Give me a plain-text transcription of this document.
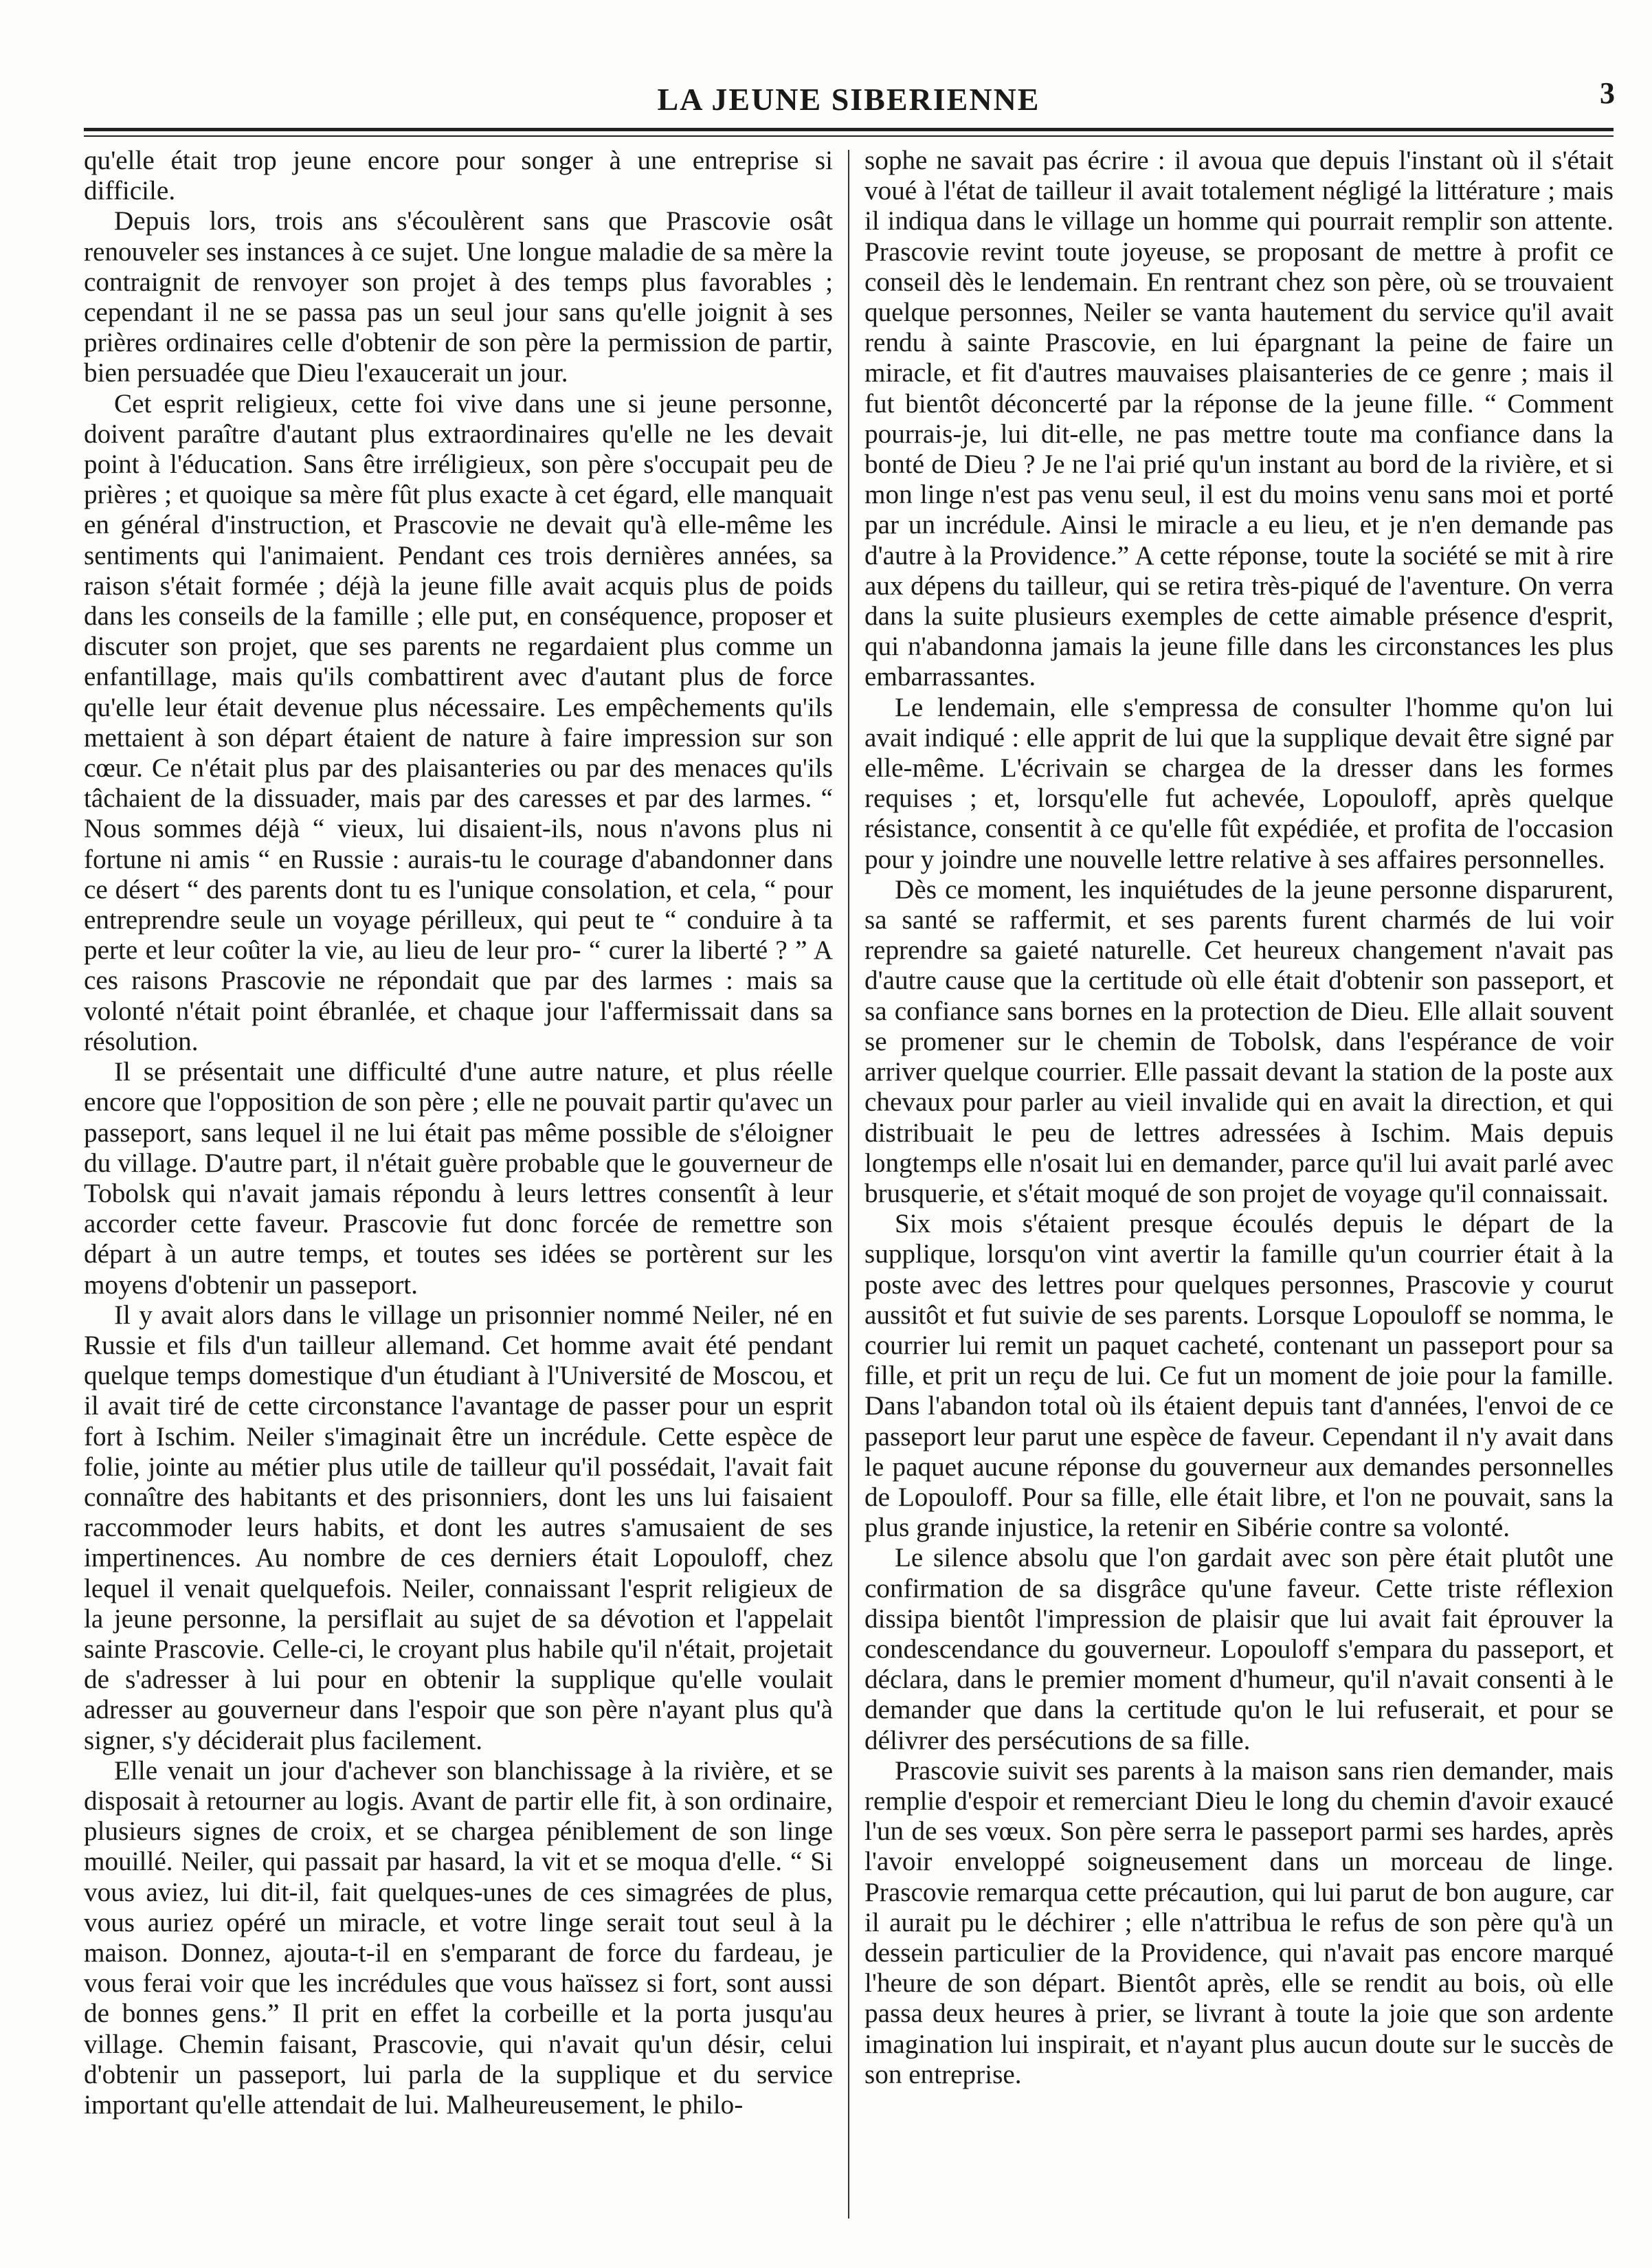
LA JEUNE SIBERIENNE	3

qu'elle était trop jeune encore pour songer à une entreprise si difficile.

Depuis lors, trois ans s'écoulèrent sans que Prascovie osât renouveler ses instances à ce sujet. Une longue maladie de sa mère la contraignit de renvoyer son projet à des temps plus favorables ; cependant il ne se passa pas un seul jour sans qu'elle joignit à ses prières ordinaires celle d'obtenir de son père la permission de partir, bien persuadée que Dieu l'exaucerait un jour.

Cet esprit religieux, cette foi vive dans une si jeune personne, doivent paraître d'autant plus extraordinaires qu'elle ne les devait point à l'éducation. Sans être irréligieux, son père s'occupait peu de prières ; et quoique sa mère fût plus exacte à cet égard, elle manquait en général d'instruction, et Prascovie ne devait qu'à elle-même les sentiments qui l'animaient. Pendant ces trois dernières années, sa raison s'était formée ; déjà la jeune fille avait acquis plus de poids dans les conseils de la famille ; elle put, en conséquence, proposer et discuter son projet, que ses parents ne regardaient plus comme un enfantillage, mais qu'ils combattirent avec d'autant plus de force qu'elle leur était devenue plus nécessaire. Les empêchements qu'ils mettaient à son départ étaient de nature à faire impression sur son cœur. Ce n'était plus par des plaisanteries ou par des menaces qu'ils tâchaient de la dissuader, mais par des caresses et par des larmes. “ Nous sommes déjà “ vieux, lui disaient-ils, nous n'avons plus ni fortune ni amis “ en Russie : aurais-tu le courage d'abandonner dans ce désert “ des parents dont tu es l'unique consolation, et cela, “ pour entreprendre seule un voyage périlleux, qui peut te “ conduire à ta perte et leur coûter la vie, au lieu de leur pro- “ curer la liberté ? ” A ces raisons Prascovie ne répondait que par des larmes : mais sa volonté n'était point ébranlée, et chaque jour l'affermissait dans sa résolution.

Il se présentait une difficulté d'une autre nature, et plus réelle encore que l'opposition de son père ; elle ne pouvait partir qu'avec un passeport, sans lequel il ne lui était pas même possible de s'éloigner du village. D'autre part, il n'était guère probable que le gouverneur de Tobolsk qui n'avait jamais répondu à leurs lettres consentît à leur accorder cette faveur. Prascovie fut donc forcée de remettre son départ à un autre temps, et toutes ses idées se portèrent sur les moyens d'obtenir un passeport.

Il y avait alors dans le village un prisonnier nommé Neiler, né en Russie et fils d'un tailleur allemand. Cet homme avait été pendant quelque temps domestique d'un étudiant à l'Université de Moscou, et il avait tiré de cette circonstance l'avantage de passer pour un esprit fort à Ischim. Neiler s'imaginait être un incrédule. Cette espèce de folie, jointe au métier plus utile de tailleur qu'il possédait, l'avait fait connaître des habitants et des prisonniers, dont les uns lui faisaient raccommoder leurs habits, et dont les autres s'amusaient de ses impertinences. Au nombre de ces derniers était Lopouloff, chez lequel il venait quelquefois. Neiler, connaissant l'esprit religieux de la jeune personne, la persiflait au sujet de sa dévotion et l'appelait sainte Prascovie. Celle-ci, le croyant plus habile qu'il n'était, projetait de s'adresser à lui pour en obtenir la supplique qu'elle voulait adresser au gouverneur dans l'espoir que son père n'ayant plus qu'à signer, s'y déciderait plus facilement.

Elle venait un jour d'achever son blanchissage à la rivière, et se disposait à retourner au logis. Avant de partir elle fit, à son ordinaire, plusieurs signes de croix, et se chargea péniblement de son linge mouillé. Neiler, qui passait par hasard, la vit et se moqua d'elle. “ Si vous aviez, lui dit-il, fait quelques-unes de ces simagrées de plus, vous auriez opéré un miracle, et votre linge serait tout seul à la maison. Donnez, ajouta-t-il en s'emparant de force du fardeau, je vous ferai voir que les incrédules que vous haïssez si fort, sont aussi de bonnes gens.” Il prit en effet la corbeille et la porta jusqu'au village. Chemin faisant, Prascovie, qui n'avait qu'un désir, celui d'obtenir un passeport, lui parla de la supplique et du service important qu'elle attendait de lui. Malheureusement, le philo-

sophe ne savait pas écrire : il avoua que depuis l'instant où il s'était voué à l'état de tailleur il avait totalement négligé la littérature ; mais il indiqua dans le village un homme qui pourrait remplir son attente. Prascovie revint toute joyeuse, se proposant de mettre à profit ce conseil dès le lendemain. En rentrant chez son père, où se trouvaient quelque personnes, Neiler se vanta hautement du service qu'il avait rendu à sainte Prascovie, en lui épargnant la peine de faire un miracle, et fit d'autres mauvaises plaisanteries de ce genre ; mais il fut bientôt déconcerté par la réponse de la jeune fille. “ Comment pourrais-je, lui dit-elle, ne pas mettre toute ma confiance dans la bonté de Dieu ? Je ne l'ai prié qu'un instant au bord de la rivière, et si mon linge n'est pas venu seul, il est du moins venu sans moi et porté par un incrédule. Ainsi le miracle a eu lieu, et je n'en demande pas d'autre à la Providence.” A cette réponse, toute la société se mit à rire aux dépens du tailleur, qui se retira très-piqué de l'aventure. On verra dans la suite plusieurs exemples de cette aimable présence d'esprit, qui n'abandonna jamais la jeune fille dans les circonstances les plus embarrassantes.

Le lendemain, elle s'empressa de consulter l'homme qu'on lui avait indiqué : elle apprit de lui que la supplique devait être signé par elle-même. L'écrivain se chargea de la dresser dans les formes requises ; et, lorsqu'elle fut achevée, Lopouloff, après quelque résistance, consentit à ce qu'elle fût expédiée, et profita de l'occasion pour y joindre une nouvelle lettre relative à ses affaires personnelles.

Dès ce moment, les inquiétudes de la jeune personne disparurent, sa santé se raffermit, et ses parents furent charmés de lui voir reprendre sa gaieté naturelle. Cet heureux changement n'avait pas d'autre cause que la certitude où elle était d'obtenir son passeport, et sa confiance sans bornes en la protection de Dieu. Elle allait souvent se promener sur le chemin de Tobolsk, dans l'espérance de voir arriver quelque courrier. Elle passait devant la station de la poste aux chevaux pour parler au vieil invalide qui en avait la direction, et qui distribuait le peu de lettres adressées à Ischim. Mais depuis longtemps elle n'osait lui en demander, parce qu'il lui avait parlé avec brusquerie, et s'était moqué de son projet de voyage qu'il connaissait.

Six mois s'étaient presque écoulés depuis le départ de la supplique, lorsqu'on vint avertir la famille qu'un courrier était à la poste avec des lettres pour quelques personnes, Prascovie y courut aussitôt et fut suivie de ses parents. Lorsque Lopouloff se nomma, le courrier lui remit un paquet cacheté, contenant un passeport pour sa fille, et prit un reçu de lui. Ce fut un moment de joie pour la famille. Dans l'abandon total où ils étaient depuis tant d'années, l'envoi de ce passeport leur parut une espèce de faveur. Cependant il n'y avait dans le paquet aucune réponse du gouverneur aux demandes personnelles de Lopouloff. Pour sa fille, elle était libre, et l'on ne pouvait, sans la plus grande injustice, la retenir en Sibérie contre sa volonté.

Le silence absolu que l'on gardait avec son père était plutôt une confirmation de sa disgrâce qu'une faveur. Cette triste réflexion dissipa bientôt l'impression de plaisir que lui avait fait éprouver la condescendance du gouverneur. Lopouloff s'empara du passeport, et déclara, dans le premier moment d'humeur, qu'il n'avait consenti à le demander que dans la certitude qu'on le lui refuserait, et pour se délivrer des persécutions de sa fille.

Prascovie suivit ses parents à la maison sans rien demander, mais remplie d'espoir et remerciant Dieu le long du chemin d'avoir exaucé l'un de ses vœux. Son père serra le passeport parmi ses hardes, après l'avoir enveloppé soigneusement dans un morceau de linge. Prascovie remarqua cette précaution, qui lui parut de bon augure, car il aurait pu le déchirer ; elle n'attribua le refus de son père qu'à un dessein particulier de la Providence, qui n'avait pas encore marqué l'heure de son départ. Bientôt après, elle se rendit au bois, où elle passa deux heures à prier, se livrant à toute la joie que son ardente imagination lui inspirait, et n'ayant plus aucun doute sur le succès de son entreprise.
